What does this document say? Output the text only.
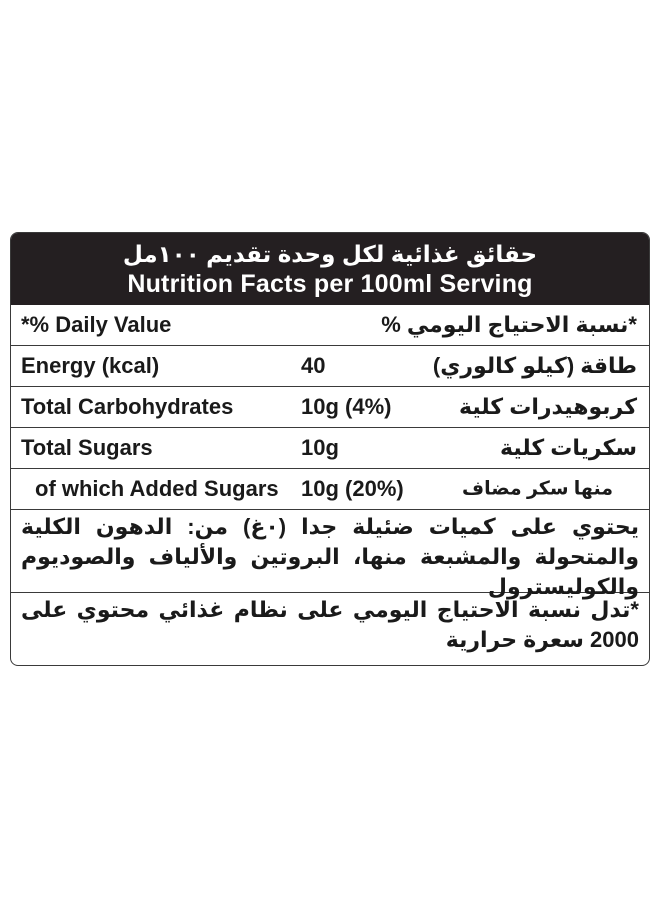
حقائق غذائية لكل وحدة تقديم ١٠٠مل
Nutrition Facts per 100ml Serving
*% Daily Value	*نسبة الاحتياج اليومي %
Energy (kcal)	40	طاقة (كيلو كالوري)
Total Carbohydrates	10g (4%)	كربوهيدرات كلية
Total Sugars	10g	سكريات كلية
of which Added Sugars 10g (20%)	منها سكر مضاف
يحتوي على كميات ضئيلة جدا (٠غ) من: الدهون الكلية والمتحولة والمشبعة منها، البروتين والألياف والصوديوم والكوليسترول
*تدل نسبة الاحتياج اليومي على نظام غذائي محتوي على 2000 سعرة حرارية
